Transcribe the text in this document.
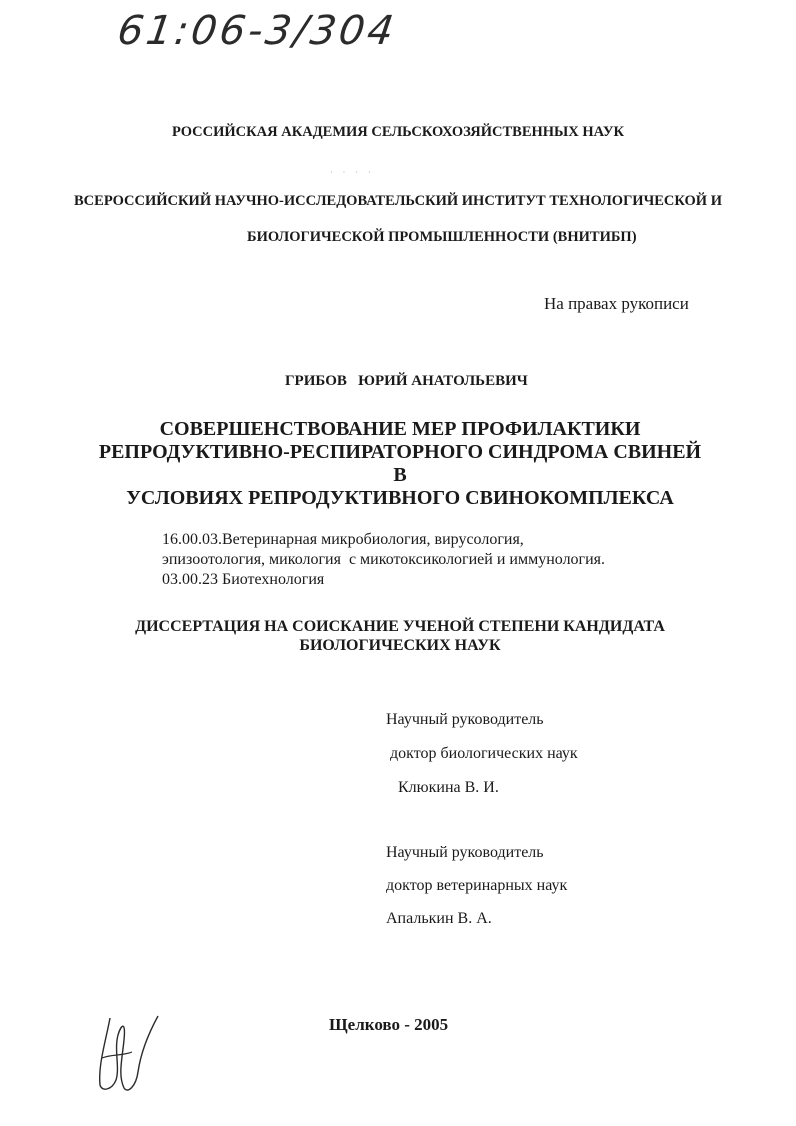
61:06-3/304
РОССИЙСКАЯ АКАДЕМИЯ СЕЛЬСКОХОЗЯЙСТВЕННЫХ НАУК
· · · ·
ВСЕРОССИЙСКИЙ НАУЧНО-ИССЛЕДОВАТЕЛЬСКИЙ ИНСТИТУТ ТЕХНОЛОГИЧЕСКОЙ И
БИОЛОГИЧЕСКОЙ ПРОМЫШЛЕННОСТИ (ВНИТИБП)
На правах рукописи
ГРИБОВ   ЮРИЙ АНАТОЛЬЕВИЧ
СОВЕРШЕНСТВОВАНИЕ МЕР ПРОФИЛАКТИКИ
РЕПРОДУКТИВНО-РЕСПИРАТОРНОГО СИНДРОМА СВИНЕЙ В
УСЛОВИЯХ РЕПРОДУКТИВНОГО СВИНОКОМПЛЕКСА
16.00.03.Ветеринарная микробиология, вирусология,
эпизоотология, микология  с микотоксикологией и иммунология.
03.00.23 Биотехнология
ДИССЕРТАЦИЯ НА СОИСКАНИЕ УЧЕНОЙ СТЕПЕНИ КАНДИДАТА
БИОЛОГИЧЕСКИХ НАУК
Научный руководитель
доктор биологических наук
Клюкина В. И.
Научный руководитель
доктор ветеринарных наук
Апалькин В. А.
Щелково - 2005
